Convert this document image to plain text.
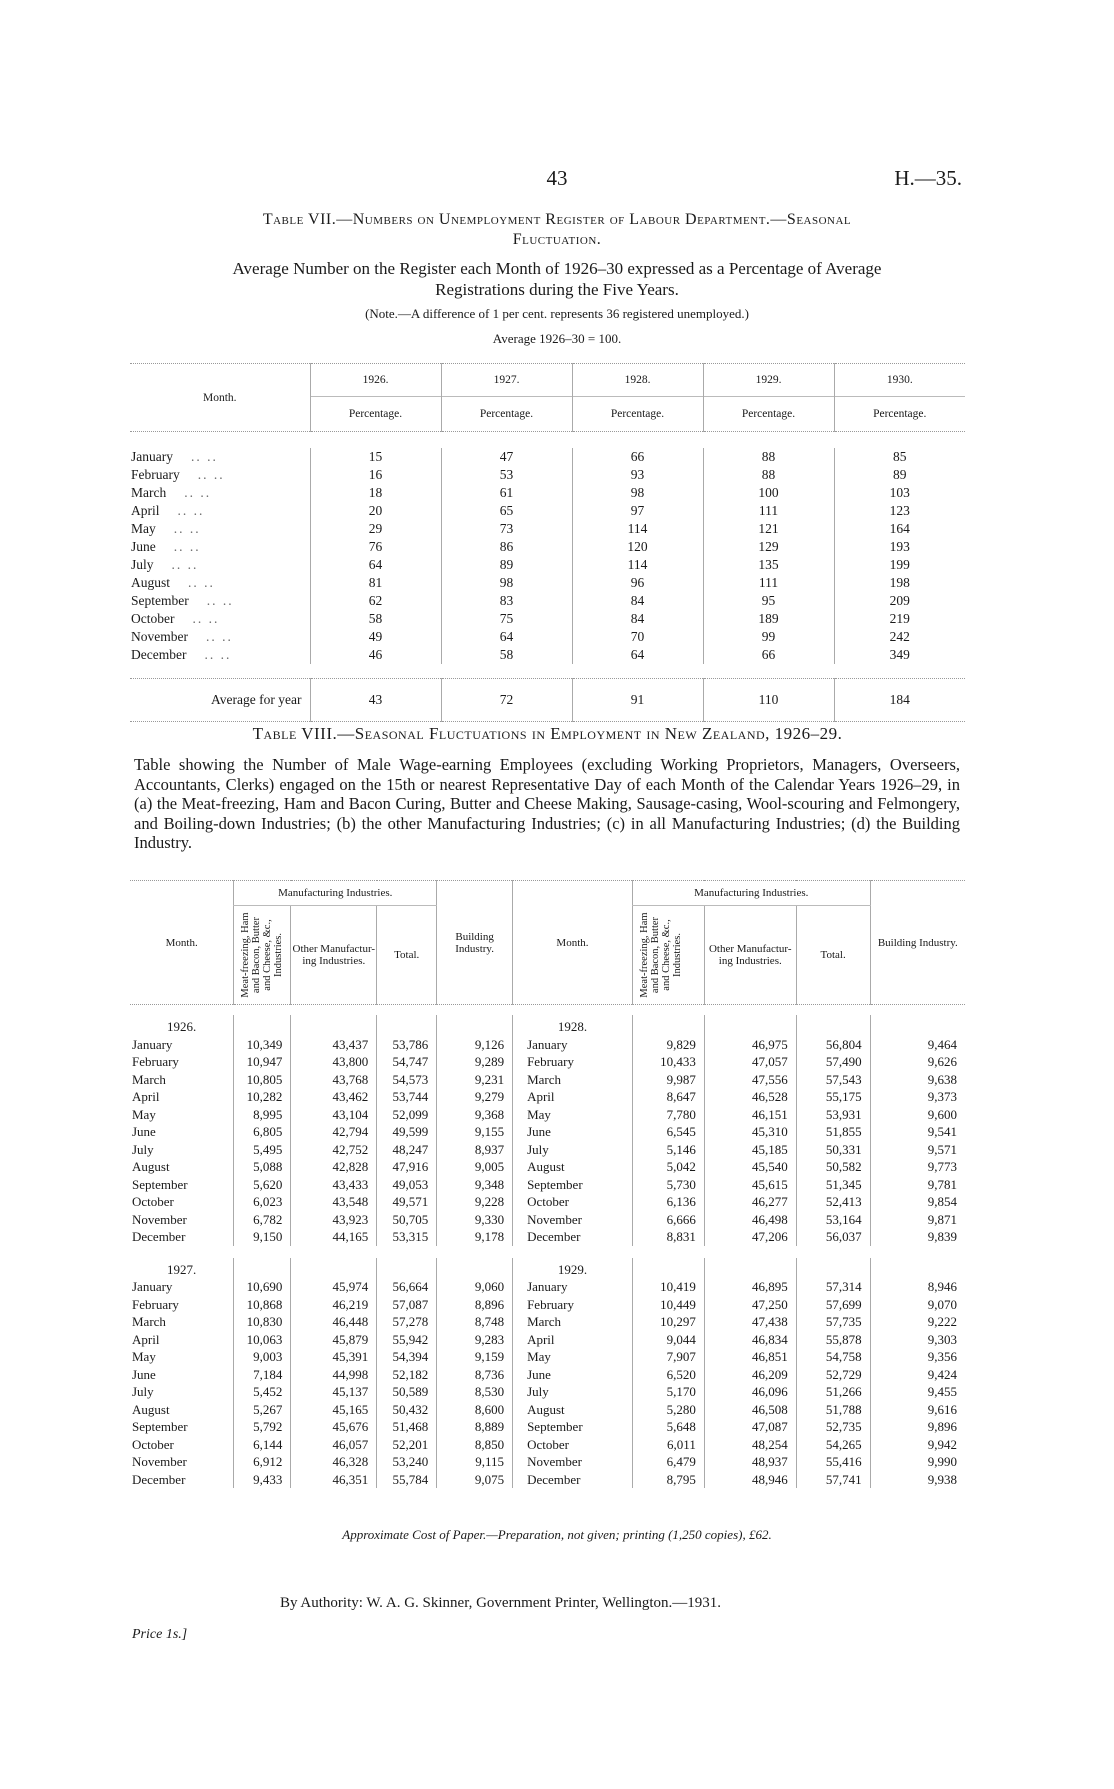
43	H.—35.
Table VII.—Numbers on Unemployment Register of Labour Department.—Seasonal
Fluctuation.
Average Number on the Register each Month of 1926–30 expressed as a Percentage of Average
Registrations during the Five Years.
(Note.—A difference of 1 per cent. represents 36 registered unemployed.)
Average 1926–30 = 100.
Month.	1926.	1927.	1928.	1929.	1930.
	Percentage.	Percentage.	Percentage.	Percentage.	Percentage.

January .. ..	15	47	66	88	85
February .. ..	16	53	93	88	89
March .. ..	18	61	98	100	103
April .. ..	20	65	97	111	123
May .. ..	29	73	114	121	164
June .. ..	76	86	120	129	193
July .. ..	64	89	114	135	199
August .. ..	81	98	96	111	198
September .. ..	62	83	84	95	209
October .. ..	58	75	84	189	219
November .. ..	49	64	70	99	242
December .. ..	46	58	64	66	349

Average for year	43	72	91	110	184
Table VIII.—Seasonal Fluctuations in Employment in New Zealand, 1926–29.
Table showing the Number of Male Wage-earning Employees (excluding Working Proprietors, Managers, Overseers, Accountants, Clerks) engaged on the 15th or nearest Representative Day of each Month of the Calendar Years 1926–29, in (a) the Meat-freezing, Ham and Bacon Curing, Butter and Cheese Making, Sausage-casing, Wool-scouring and Felmongery, and Boiling-down Industries; (b) the other Manufacturing Industries; (c) in all Manufacturing Industries; (d) the Building Industry.
Month.	Manufacturing Industries.			Building Industry.	Month.	Manufacturing Industries.			Building Industry.

	Meat-freezing, Ham and Bacon, Butter and Cheese, &c., Industries.	Other Manufactur-ing Industries.	Total.			Meat-freezing, Ham and Bacon, Butter and Cheese, &c., Industries.	Other Manufactur-ing Industries.	Total.	

1926.					1928.				
January	10,349	43,437	53,786	9,126	January	9,829	46,975	56,804	9,464
February	10,947	43,800	54,747	9,289	February	10,433	47,057	57,490	9,626
March	10,805	43,768	54,573	9,231	March	9,987	47,556	57,543	9,638
April	10,282	43,462	53,744	9,279	April	8,647	46,528	55,175	9,373
May	8,995	43,104	52,099	9,368	May	7,780	46,151	53,931	9,600
June	6,805	42,794	49,599	9,155	June	6,545	45,310	51,855	9,541
July	5,495	42,752	48,247	8,937	July	5,146	45,185	50,331	9,571
August	5,088	42,828	47,916	9,005	August	5,042	45,540	50,582	9,773
September	5,620	43,433	49,053	9,348	September	5,730	45,615	51,345	9,781
October	6,023	43,548	49,571	9,228	October	6,136	46,277	52,413	9,854
November	6,782	43,923	50,705	9,330	November	6,666	46,498	53,164	9,871
December	9,150	44,165	53,315	9,178	December	8,831	47,206	56,037	9,839

1927.					1929.				
January	10,690	45,974	56,664	9,060	January	10,419	46,895	57,314	8,946
February	10,868	46,219	57,087	8,896	February	10,449	47,250	57,699	9,070
March	10,830	46,448	57,278	8,748	March	10,297	47,438	57,735	9,222
April	10,063	45,879	55,942	9,283	April	9,044	46,834	55,878	9,303
May	9,003	45,391	54,394	9,159	May	7,907	46,851	54,758	9,356
June	7,184	44,998	52,182	8,736	June	6,520	46,209	52,729	9,424
July	5,452	45,137	50,589	8,530	July	5,170	46,096	51,266	9,455
August	5,267	45,165	50,432	8,600	August	5,280	46,508	51,788	9,616
September	5,792	45,676	51,468	8,889	September	5,648	47,087	52,735	9,896
October	6,144	46,057	52,201	8,850	October	6,011	48,254	54,265	9,942
November	6,912	46,328	53,240	9,115	November	6,479	48,937	55,416	9,990
December	9,433	46,351	55,784	9,075	December	8,795	48,946	57,741	9,938
Approximate Cost of Paper.—Preparation, not given; printing (1,250 copies), £62.
By Authority: W. A. G. Skinner, Government Printer, Wellington.—1931.
Price 1s.]
